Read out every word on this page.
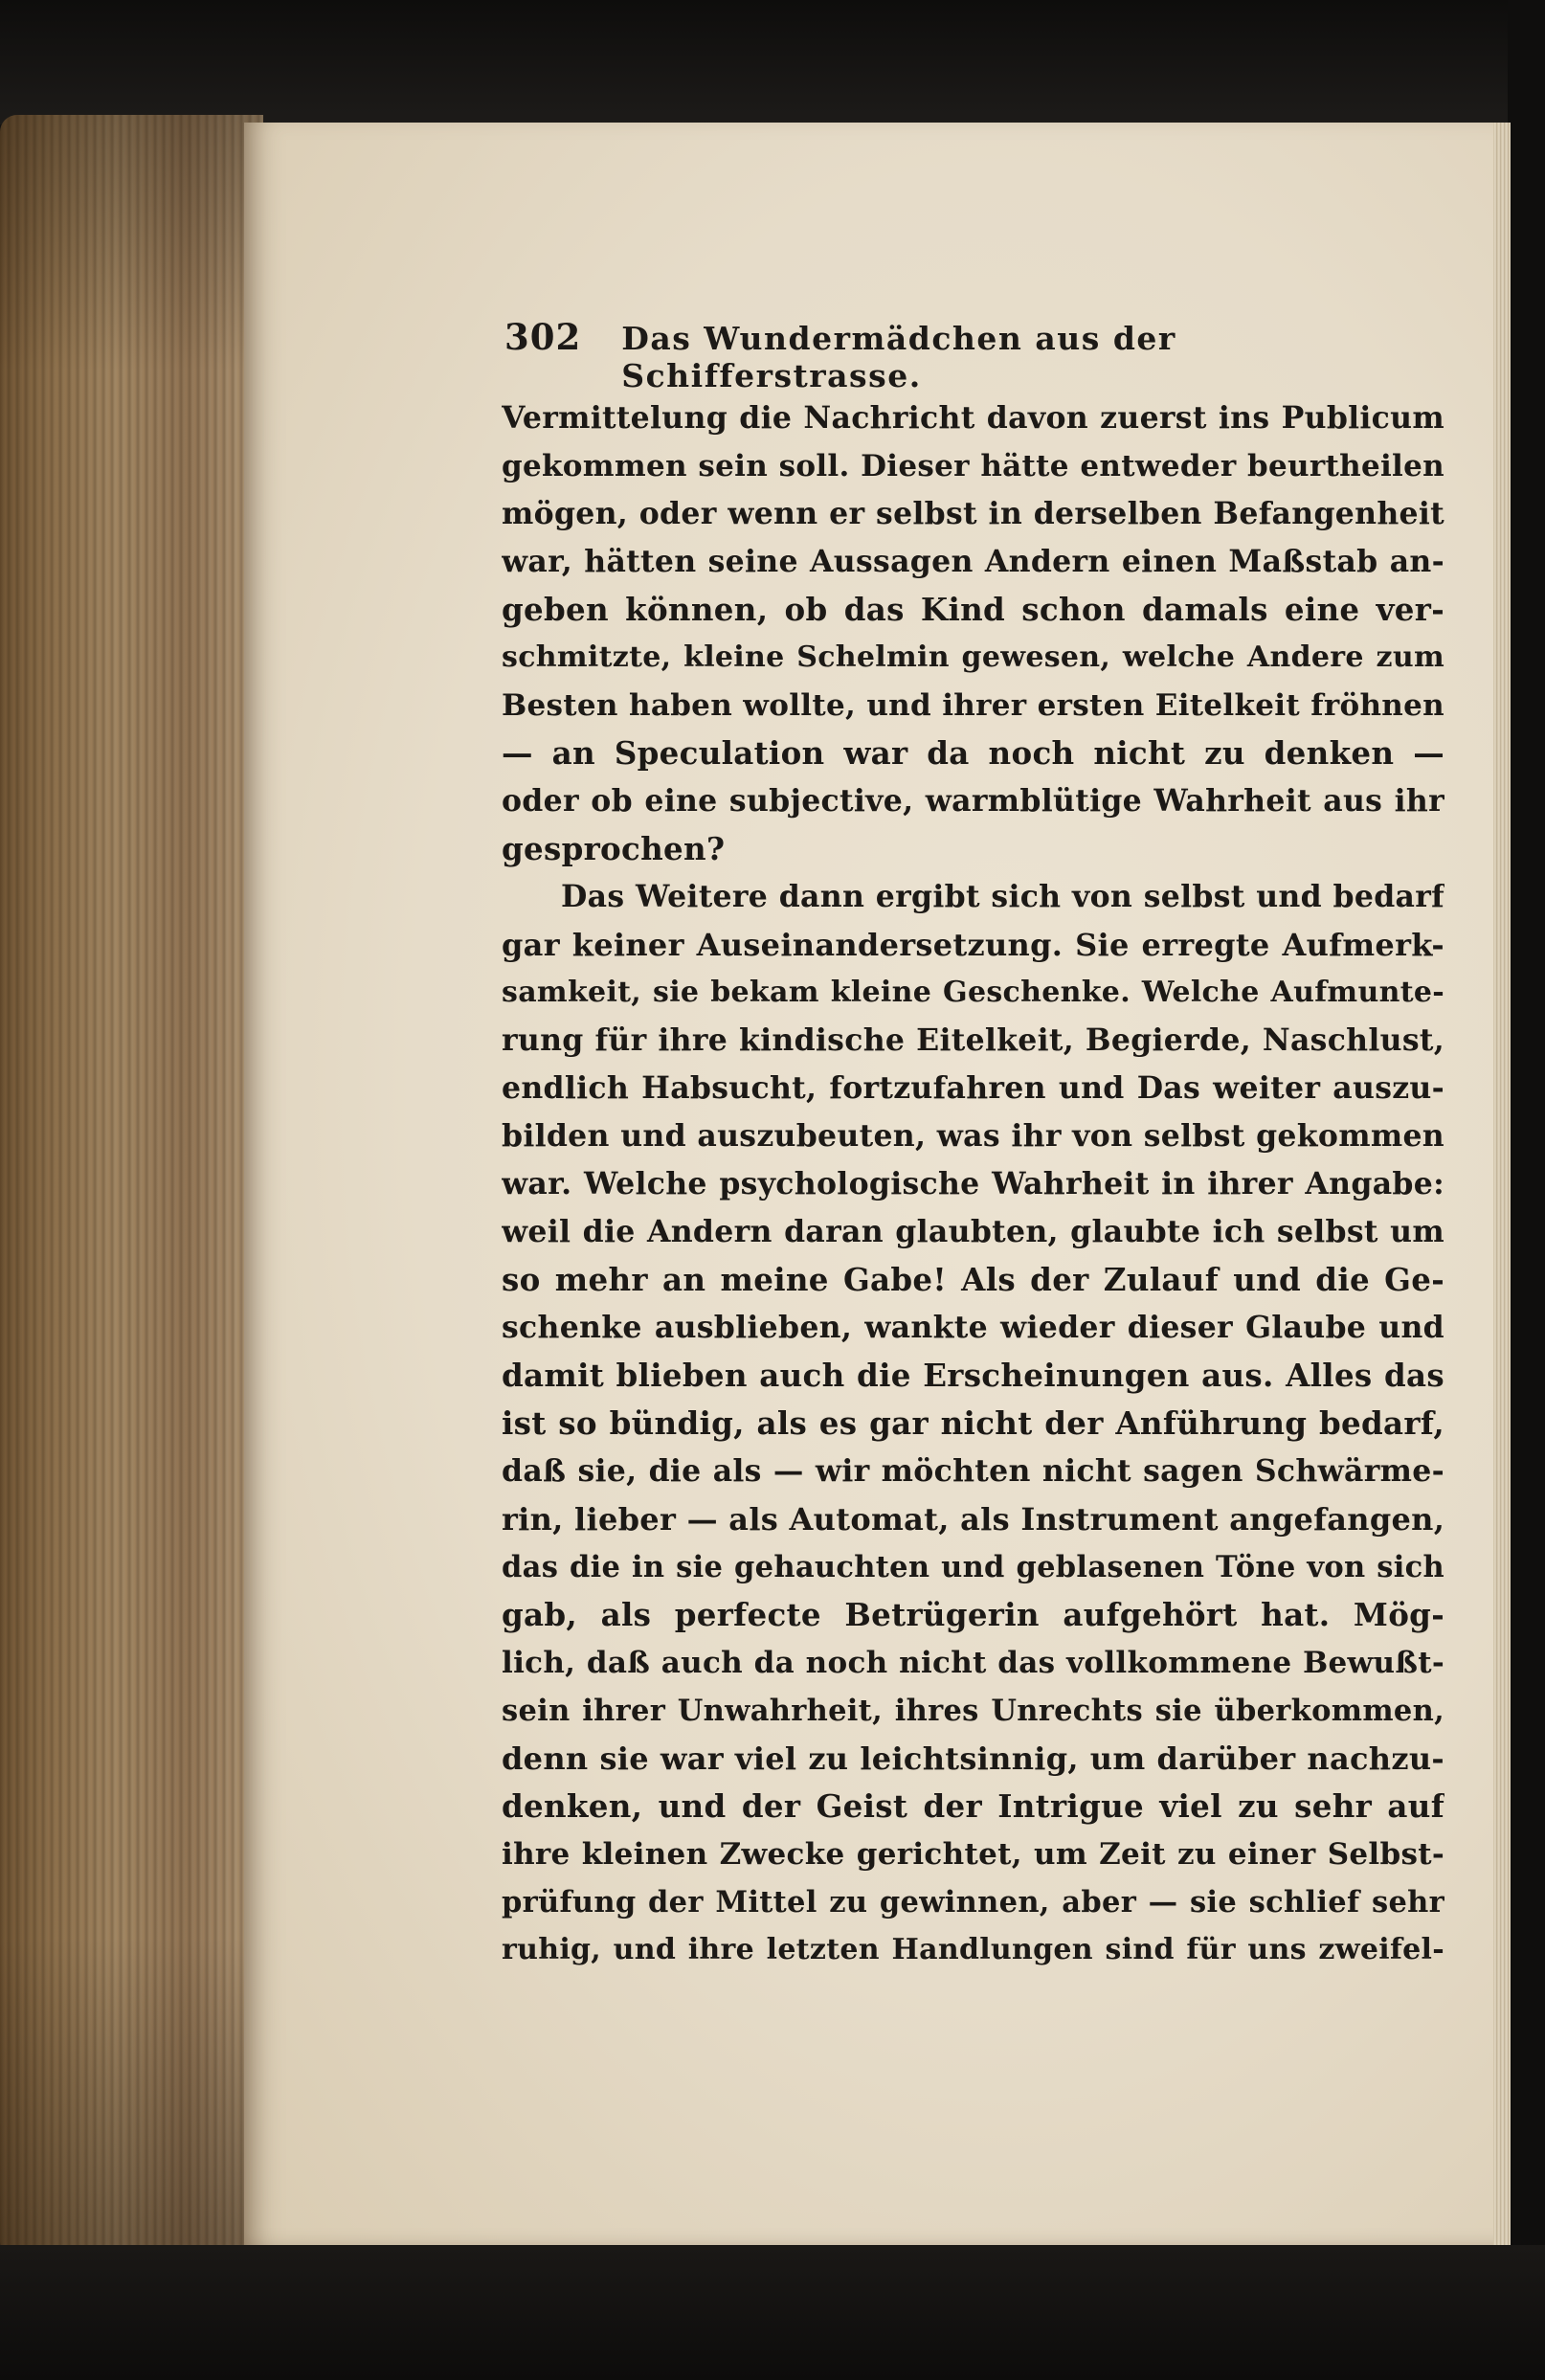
302 Das Wundermädchen aus der Schifferstrasse.
Vermittelung die Nachricht davon zuerst ins Publicum
gekommen sein soll. Dieser hätte entweder beurtheilen
mögen, oder wenn er selbst in derselben Befangenheit
war, hätten seine Aussagen Andern einen Maßstab an-
geben können, ob das Kind schon damals eine ver-
schmitzte, kleine Schelmin gewesen, welche Andere zum
Besten haben wollte, und ihrer ersten Eitelkeit fröhnen
— an Speculation war da noch nicht zu denken —
oder ob eine subjective, warmblütige Wahrheit aus ihr
gesprochen?
Das Weitere dann ergibt sich von selbst und bedarf
gar keiner Auseinandersetzung. Sie erregte Aufmerk-
samkeit, sie bekam kleine Geschenke. Welche Aufmunte-
rung für ihre kindische Eitelkeit, Begierde, Naschlust,
endlich Habsucht, fortzufahren und Das weiter auszu-
bilden und auszubeuten, was ihr von selbst gekommen
war. Welche psychologische Wahrheit in ihrer Angabe:
weil die Andern daran glaubten, glaubte ich selbst um
so mehr an meine Gabe! Als der Zulauf und die Ge-
schenke ausblieben, wankte wieder dieser Glaube und
damit blieben auch die Erscheinungen aus. Alles das
ist so bündig, als es gar nicht der Anführung bedarf,
daß sie, die als — wir möchten nicht sagen Schwärme-
rin, lieber — als Automat, als Instrument angefangen,
das die in sie gehauchten und geblasenen Töne von sich
gab, als perfecte Betrügerin aufgehört hat. Mög-
lich, daß auch da noch nicht das vollkommene Bewußt-
sein ihrer Unwahrheit, ihres Unrechts sie überkommen,
denn sie war viel zu leichtsinnig, um darüber nachzu-
denken, und der Geist der Intrigue viel zu sehr auf
ihre kleinen Zwecke gerichtet, um Zeit zu einer Selbst-
prüfung der Mittel zu gewinnen, aber — sie schlief sehr
ruhig, und ihre letzten Handlungen sind für uns zweifel-
